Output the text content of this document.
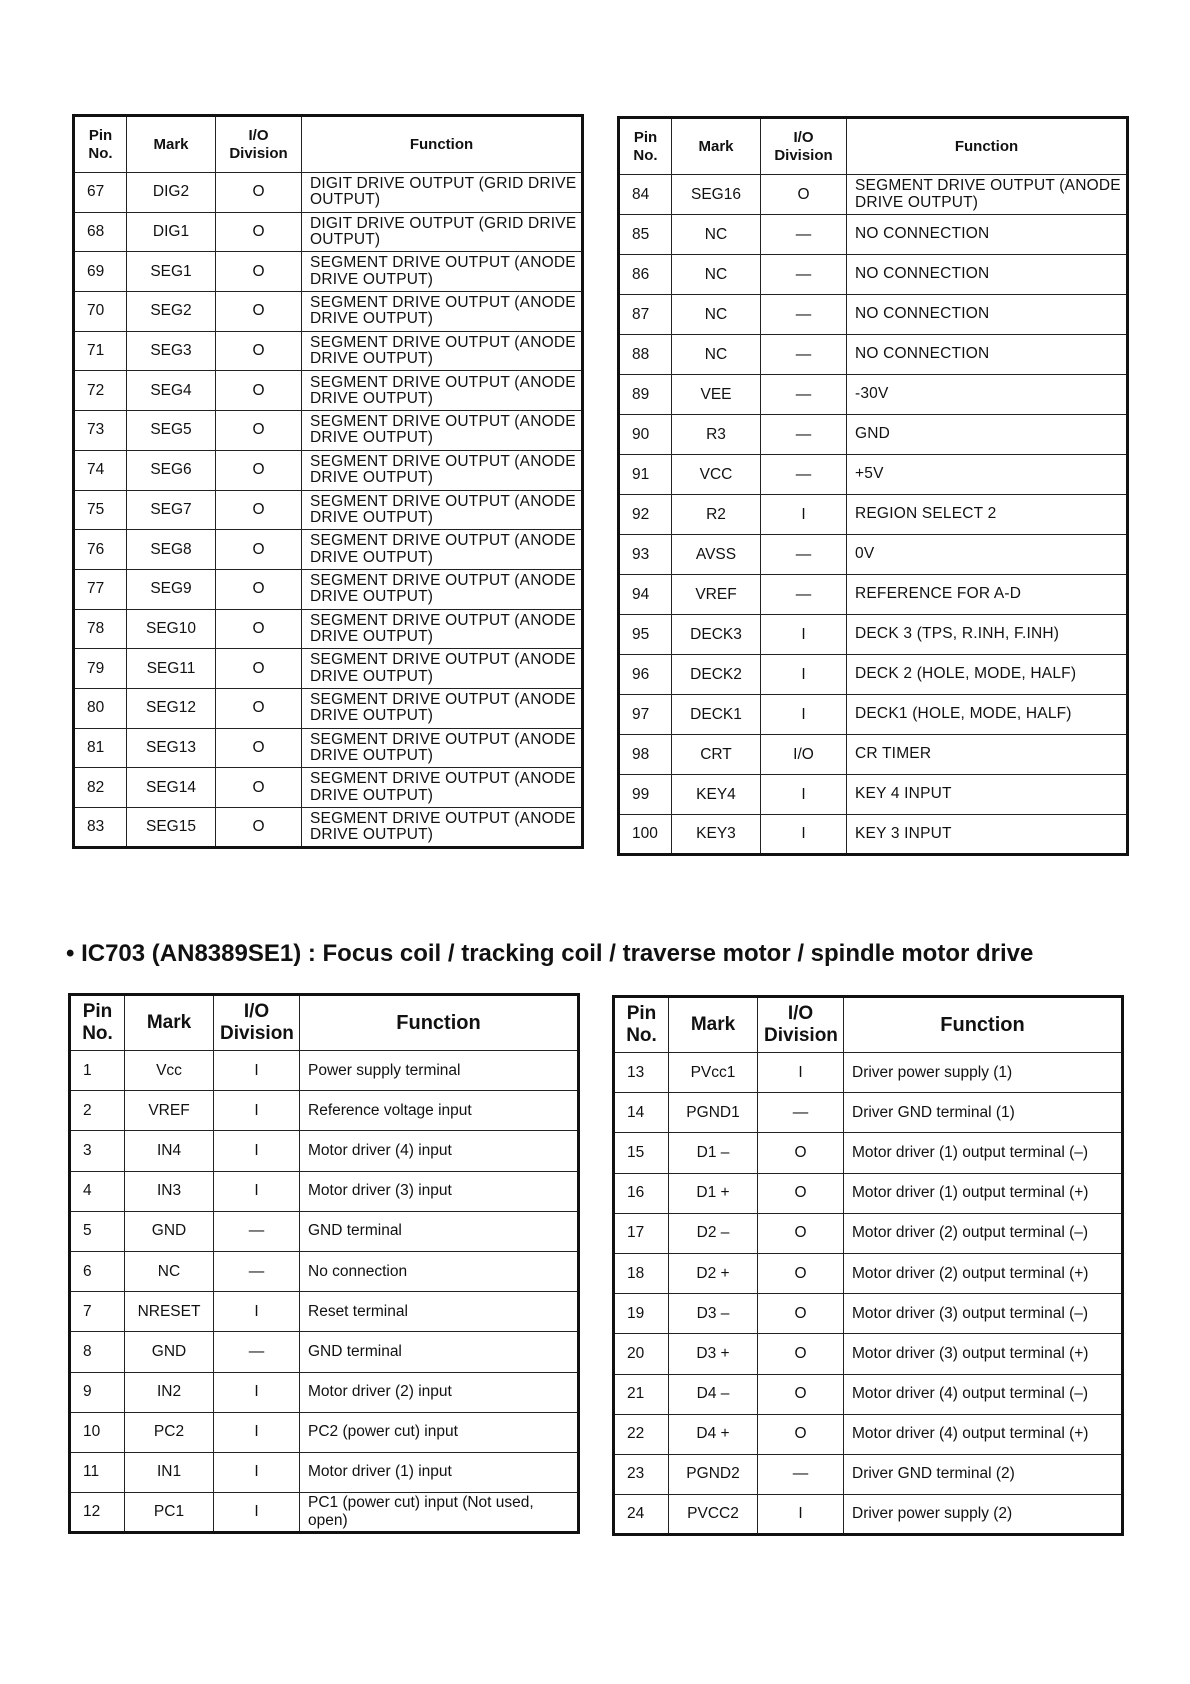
Pin No.	Mark	I/O Division	Function
67	DIG2	O	DIGIT DRIVE OUTPUT (GRID DRIVE OUTPUT)
68	DIG1	O	DIGIT DRIVE OUTPUT (GRID DRIVE OUTPUT)
69	SEG1	O	SEGMENT DRIVE OUTPUT (ANODE DRIVE OUTPUT)
70	SEG2	O	SEGMENT DRIVE OUTPUT (ANODE DRIVE OUTPUT)
71	SEG3	O	SEGMENT DRIVE OUTPUT (ANODE DRIVE OUTPUT)
72	SEG4	O	SEGMENT DRIVE OUTPUT (ANODE DRIVE OUTPUT)
73	SEG5	O	SEGMENT DRIVE OUTPUT (ANODE DRIVE OUTPUT)
74	SEG6	O	SEGMENT DRIVE OUTPUT (ANODE DRIVE OUTPUT)
75	SEG7	O	SEGMENT DRIVE OUTPUT (ANODE DRIVE OUTPUT)
76	SEG8	O	SEGMENT DRIVE OUTPUT (ANODE DRIVE OUTPUT)
77	SEG9	O	SEGMENT DRIVE OUTPUT (ANODE DRIVE OUTPUT)
78	SEG10	O	SEGMENT DRIVE OUTPUT (ANODE DRIVE OUTPUT)
79	SEG11	O	SEGMENT DRIVE OUTPUT (ANODE DRIVE OUTPUT)
80	SEG12	O	SEGMENT DRIVE OUTPUT (ANODE DRIVE OUTPUT)
81	SEG13	O	SEGMENT DRIVE OUTPUT (ANODE DRIVE OUTPUT)
82	SEG14	O	SEGMENT DRIVE OUTPUT (ANODE DRIVE OUTPUT)
83	SEG15	O	SEGMENT DRIVE OUTPUT (ANODE DRIVE OUTPUT)
Pin No.	Mark	I/O Division	Function
84	SEG16	O	SEGMENT DRIVE OUTPUT (ANODE DRIVE OUTPUT)
85	NC	—	NO CONNECTION
86	NC	—	NO CONNECTION
87	NC	—	NO CONNECTION
88	NC	—	NO CONNECTION
89	VEE	—	-30V
90	R3	—	GND
91	VCC	—	+5V
92	R2	I	REGION SELECT 2
93	AVSS	—	0V
94	VREF	—	REFERENCE FOR A-D
95	DECK3	I	DECK 3 (TPS, R.INH, F.INH)
96	DECK2	I	DECK 2 (HOLE, MODE, HALF)
97	DECK1	I	DECK1 (HOLE, MODE, HALF)
98	CRT	I/O	CR TIMER
99	KEY4	I	KEY 4 INPUT
100	KEY3	I	KEY 3 INPUT
• IC703 (AN8389SE1) : Focus coil / tracking coil / traverse motor / spindle motor drive
Pin No.	Mark	I/O Division	Function
1	Vcc	I	Power supply terminal
2	VREF	I	Reference voltage input
3	IN4	I	Motor driver (4) input
4	IN3	I	Motor driver (3) input
5	GND	—	GND terminal
6	NC	—	No connection
7	NRESET	I	Reset terminal
8	GND	—	GND terminal
9	IN2	I	Motor driver (2) input
10	PC2	I	PC2 (power cut) input
11	IN1	I	Motor driver (1) input
12	PC1	I	PC1 (power cut) input (Not used, open)
Pin No.	Mark	I/O Division	Function
13	PVcc1	I	Driver power supply (1)
14	PGND1	—	Driver GND terminal (1)
15	D1 –	O	Motor driver (1) output terminal (–)
16	D1 +	O	Motor driver (1) output terminal (+)
17	D2 –	O	Motor driver (2) output terminal (–)
18	D2 +	O	Motor driver (2) output terminal (+)
19	D3 –	O	Motor driver (3) output terminal (–)
20	D3 +	O	Motor driver (3) output terminal (+)
21	D4 –	O	Motor driver (4) output terminal (–)
22	D4 +	O	Motor driver (4) output terminal (+)
23	PGND2	—	Driver GND terminal (2)
24	PVCC2	I	Driver power supply (2)
